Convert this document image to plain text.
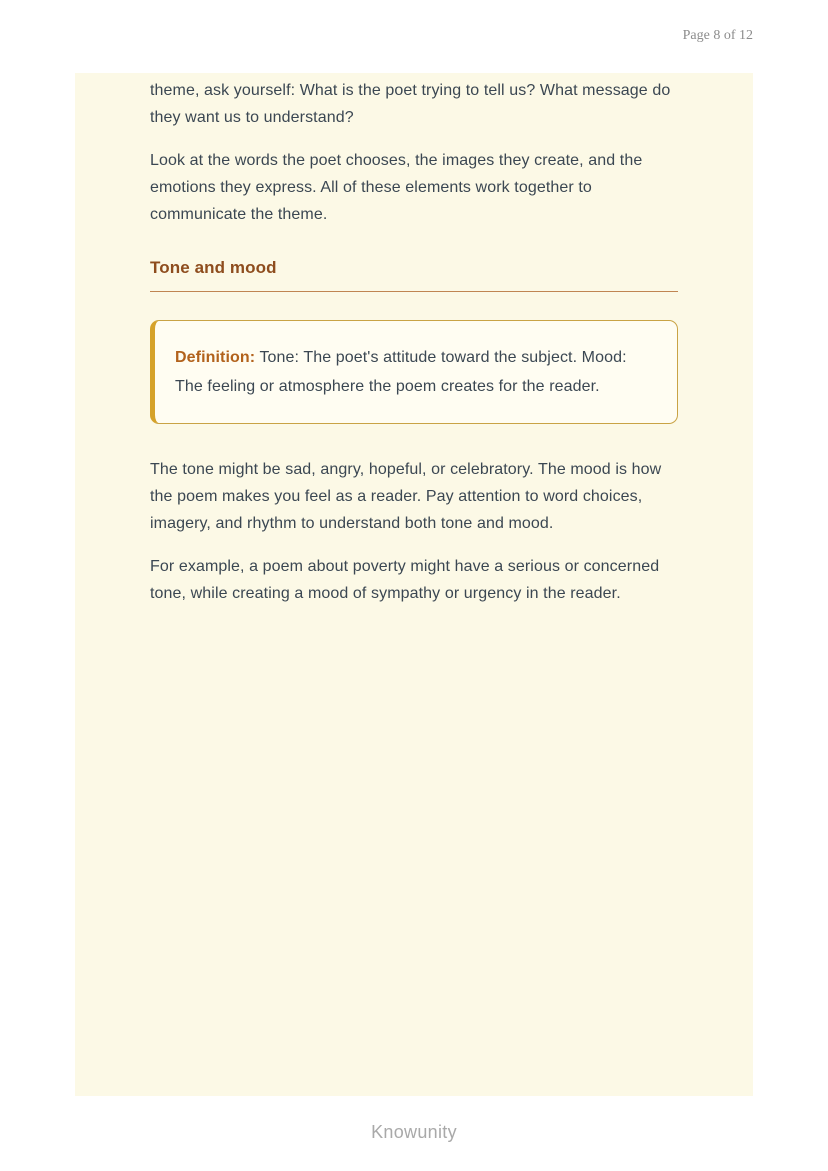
Page 8 of 12

theme, ask yourself: What is the poet trying to tell us? What message do they want us to understand?

Look at the words the poet chooses, the images they create, and the emotions they express. All of these elements work together to communicate the theme.

Tone and mood
Definition: Tone: The poet's attitude toward the subject. Mood: The feeling or atmosphere the poem creates for the reader.

The tone might be sad, angry, hopeful, or celebratory. The mood is how the poem makes you feel as a reader. Pay attention to word choices, imagery, and rhythm to understand both tone and mood.

For example, a poem about poverty might have a serious or concerned tone, while creating a mood of sympathy or urgency in the reader.

Knowunity
